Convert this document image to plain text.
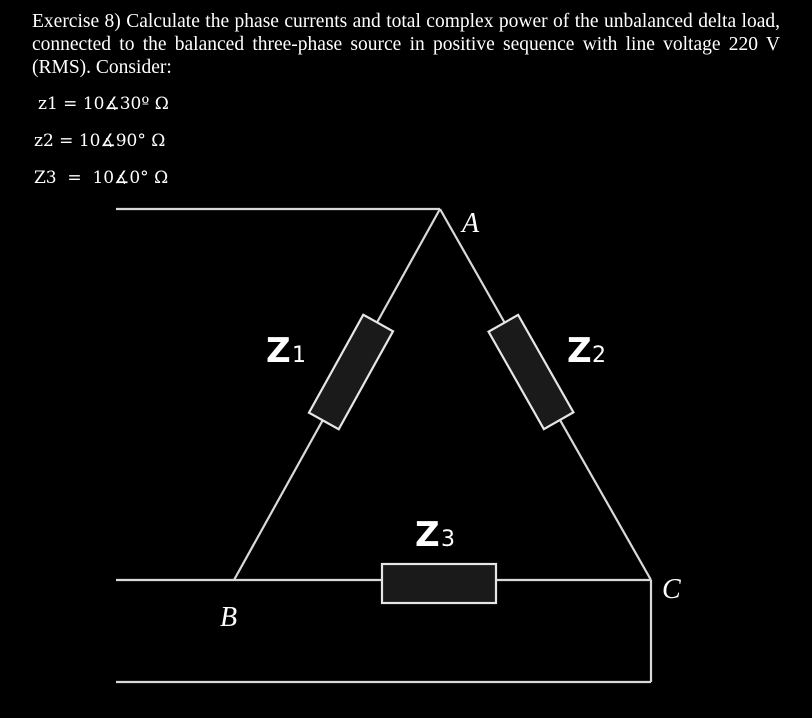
Exercise 8) Calculate the phase currents and total complex power of the unbalanced delta load, connected to the balanced three-phase source in positive sequence with line voltage 220 V (RMS). Consider:
z1 = 10∡30º Ω
z2 = 10∡90° Ω
Z3  =  10∡0° Ω
A
B
C
Z 1	Z 2
Z 3
